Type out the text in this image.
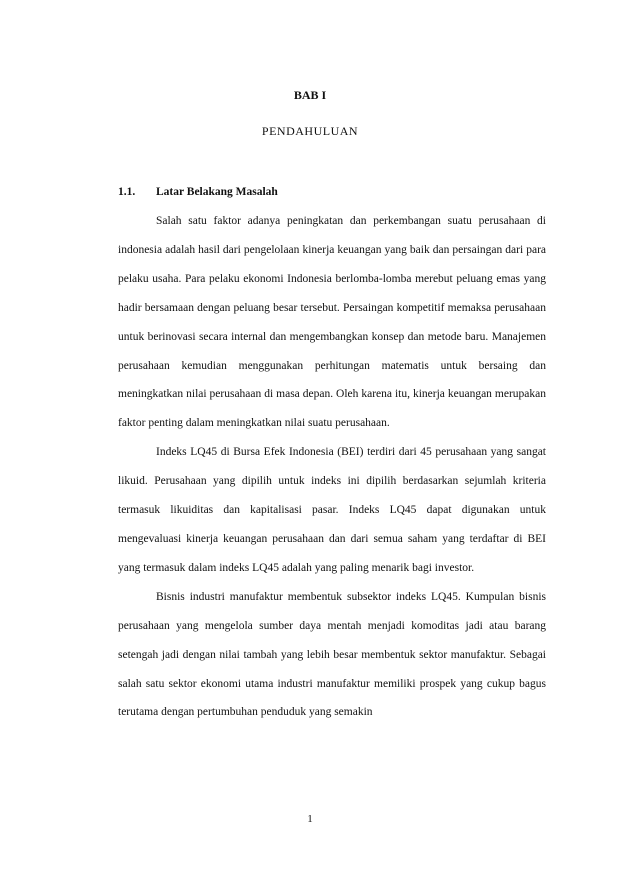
BAB I
PENDAHULUAN
1.1. Latar Belakang Masalah

Salah satu faktor adanya peningkatan dan perkembangan suatu perusahaan di indonesia adalah hasil dari pengelolaan kinerja keuangan yang baik dan persaingan dari para pelaku usaha. Para pelaku ekonomi Indonesia berlomba-lomba merebut peluang emas yang hadir bersamaan dengan peluang besar tersebut. Persaingan kompetitif memaksa perusahaan untuk berinovasi secara internal dan mengembangkan konsep dan metode baru. Manajemen perusahaan kemudian menggunakan perhitungan matematis untuk bersaing dan meningkatkan nilai perusahaan di masa depan. Oleh karena itu, kinerja keuangan merupakan faktor penting dalam meningkatkan nilai suatu perusahaan.

Indeks LQ45 di Bursa Efek Indonesia (BEI) terdiri dari 45 perusahaan yang sangat likuid. Perusahaan yang dipilih untuk indeks ini dipilih berdasarkan sejumlah kriteria termasuk likuiditas dan kapitalisasi pasar. Indeks LQ45 dapat digunakan untuk mengevaluasi kinerja keuangan perusahaan dan dari semua saham yang terdaftar di BEI yang termasuk dalam indeks LQ45 adalah yang paling menarik bagi investor.

Bisnis industri manufaktur membentuk subsektor indeks LQ45. Kumpulan bisnis perusahaan yang mengelola sumber daya mentah menjadi komoditas jadi atau barang setengah jadi dengan nilai tambah yang lebih besar membentuk sektor manufaktur. Sebagai salah satu sektor ekonomi utama industri manufaktur memiliki prospek yang cukup bagus terutama dengan pertumbuhan penduduk yang semakin

1
